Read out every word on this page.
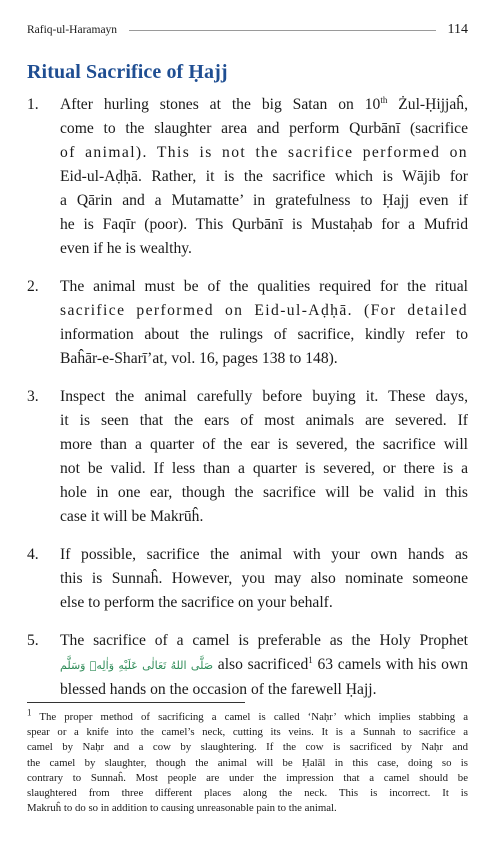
Rafiq-ul-Haramayn	114
Ritual Sacrifice of Ḥajj
1.	After hurling stones at the big Satan on 10th Żul-Ḥijjaĥ,
come to the slaughter area and perform Qurbānī (sacrifice
of animal). This is not the sacrifice performed on
Eid-ul-Aḍḥā. Rather, it is the sacrifice which is Wājib for
a Qārin and a Mutamatte’ in gratefulness to Ḥajj even if
he is Faqīr (poor). This Qurbānī is Mustaḥab for a Mufrid
even if he is wealthy.
2.	The animal must be of the qualities required for the ritual
sacrifice performed on Eid-ul-Aḍḥā. (For detailed
information about the rulings of sacrifice, kindly refer to
Baĥār-e-Sharī’at, vol. 16, pages 138 to 148).
3.	Inspect the animal carefully before buying it. These days,
it is seen that the ears of most animals are severed. If
more than a quarter of the ear is severed, the sacrifice will
not be valid. If less than a quarter is severed, or there is a
hole in one ear, though the sacrifice will be valid in this
case it will be Makrūĥ.
4.	If possible, sacrifice the animal with your own hands as
this is Sunnaĥ. However, you may also nominate someone
else to perform the sacrifice on your behalf.
5.	The sacrifice of a camel is preferable as the Holy Prophet
صَلَّى اللهُ تَعَالٰى عَلَيْهِ وَاٰلِهٖ وَسَلَّم also sacrificed$^1$ 63 camels with his own
blessed hands on the occasion of the farewell Ḥajj.
$^1$ The proper method of sacrificing a camel is called ‘Naḥr’ which implies stabbing a
spear or a knife into the camel’s neck, cutting its veins. It is a Sunnah to sacrifice a
camel by Naḥr and a cow by slaughtering. If the cow is sacrificed by Naḥr and
the camel by slaughter, though the animal will be Ḥalāl in this case, doing so is
contrary to Sunnaĥ. Most people are under the impression that a camel should be
slaughtered from three different places along the neck. This is incorrect. It is
Makruĥ to do so in addition to causing unreasonable pain to the animal.
